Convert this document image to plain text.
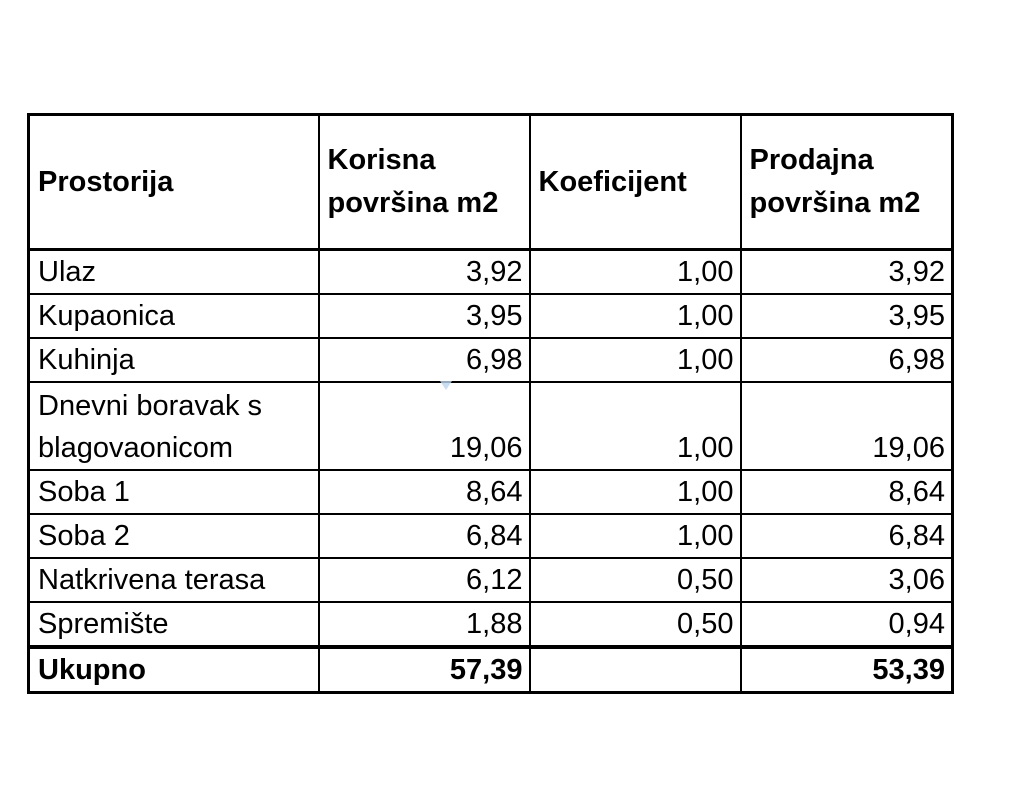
Prostorija	Korisna površina m2	Koeficijent	Prodajna površina m2
Ulaz	3,92	1,00	3,92
Kupaonica	3,95	1,00	3,95
Kuhinja	6,98	1,00	6,98
Dnevni boravak s blagovaonicom	19,06	1,00	19,06
Soba 1	8,64	1,00	8,64
Soba 2	6,84	1,00	6,84
Natkrivena terasa	6,12	0,50	3,06
Spremište	1,88	0,50	0,94
Ukupno	57,39		53,39
